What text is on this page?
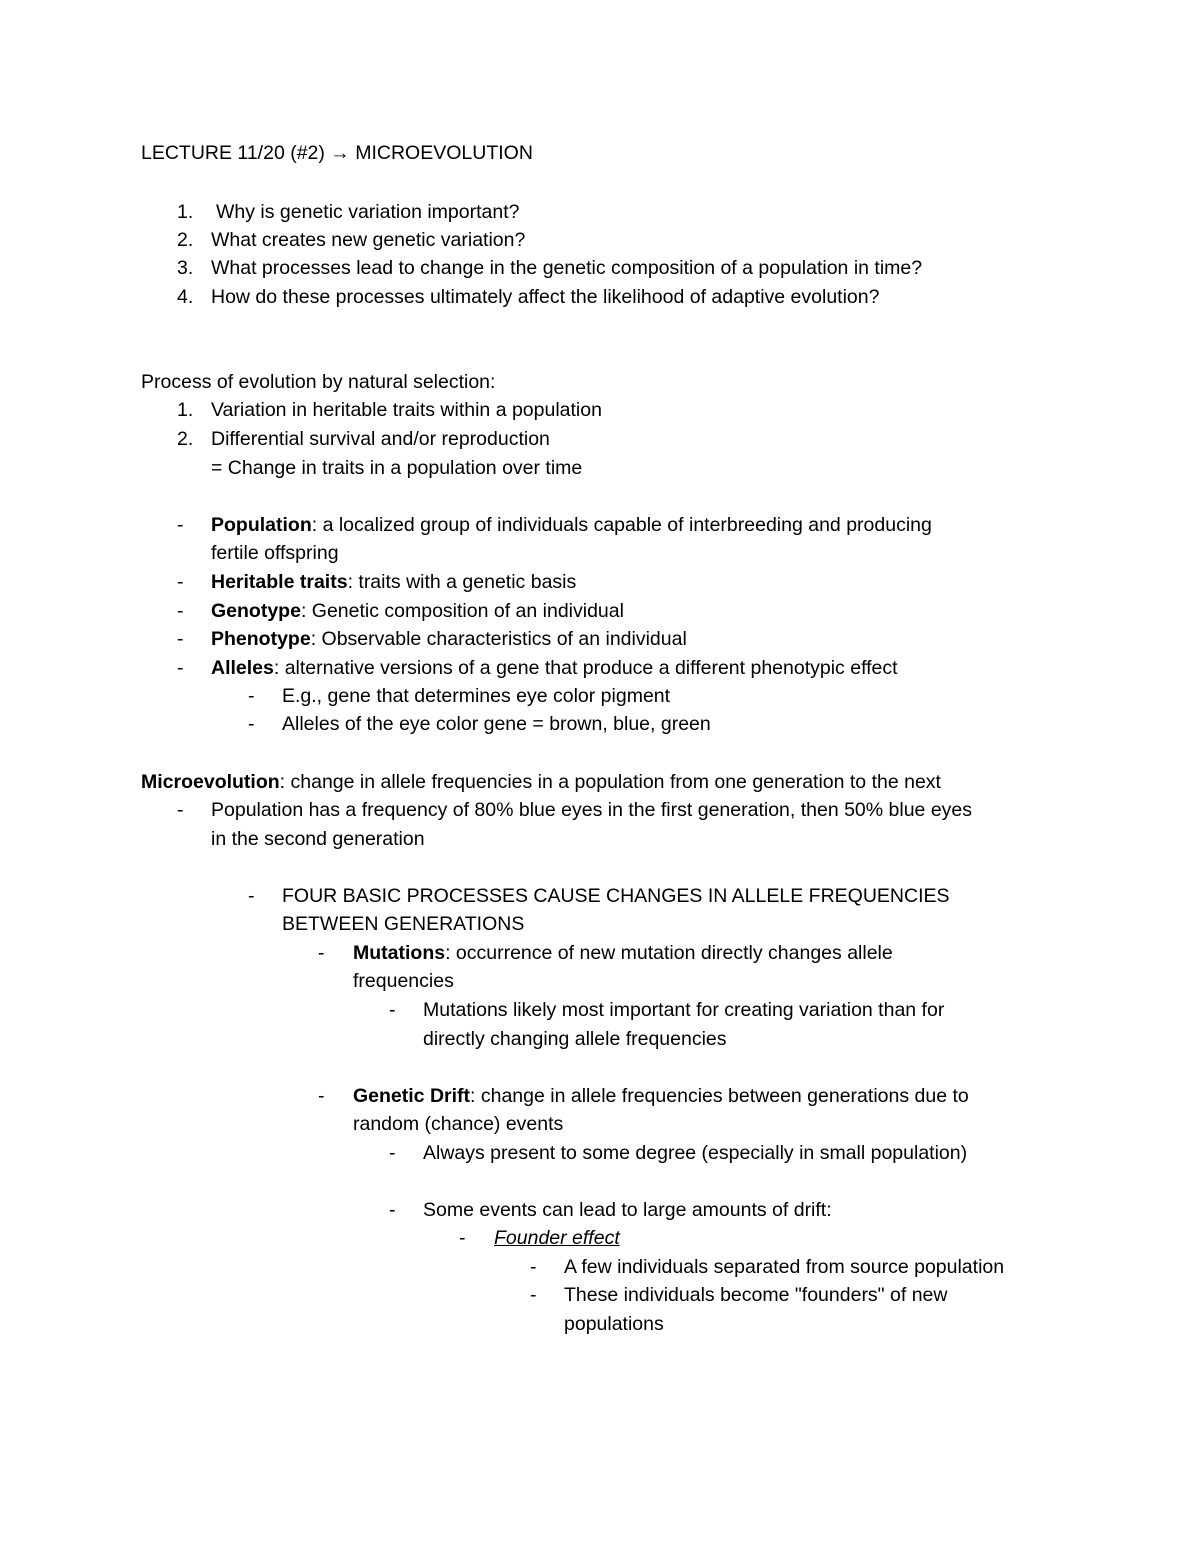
LECTURE 11/20 (#2) → MICROEVOLUTION
1. Why is genetic variation important?
2. What creates new genetic variation?
3. What processes lead to change in the genetic composition of a population in time?
4. How do these processes ultimately affect the likelihood of adaptive evolution?
Process of evolution by natural selection:
1. Variation in heritable traits within a population
2. Differential survival and/or reproduction
= Change in traits in a population over time
- Population: a localized group of individuals capable of interbreeding and producing
fertile offspring
- Heritable traits: traits with a genetic basis
- Genotype: Genetic composition of an individual
- Phenotype: Observable characteristics of an individual
- Alleles: alternative versions of a gene that produce a different phenotypic effect
- E.g., gene that determines eye color pigment
- Alleles of the eye color gene = brown, blue, green
Microevolution: change in allele frequencies in a population from one generation to the next
- Population has a frequency of 80% blue eyes in the first generation, then 50% blue eyes
in the second generation
- FOUR BASIC PROCESSES CAUSE CHANGES IN ALLELE FREQUENCIES
BETWEEN GENERATIONS
- Mutations: occurrence of new mutation directly changes allele
frequencies
- Mutations likely most important for creating variation than for
directly changing allele frequencies
- Genetic Drift: change in allele frequencies between generations due to
random (chance) events
- Always present to some degree (especially in small population)
- Some events can lead to large amounts of drift:
- Founder effect
- A few individuals separated from source population
- These individuals become "founders" of new
populations
